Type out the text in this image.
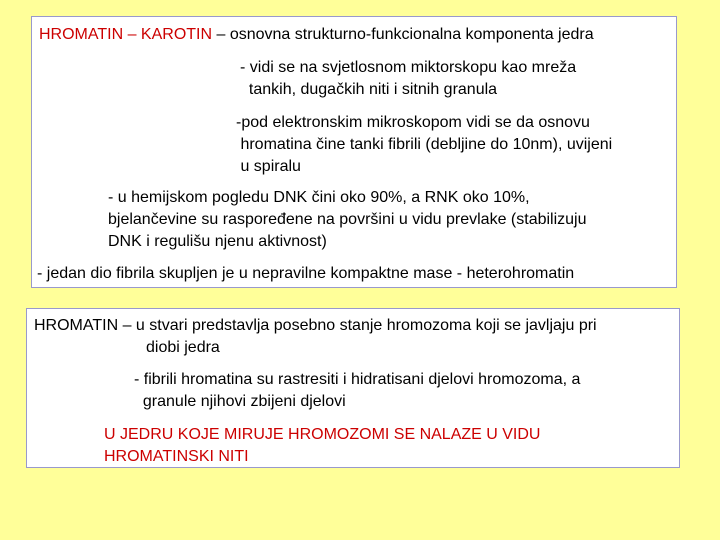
HROMATIN – KAROTIN – osnovna strukturno-funkcionalna komponenta jedra

- vidi se na svjetlosnom miktorskopu kao mreža

tankih, dugačkih niti i sitnih granula

-pod elektronskim mikroskopom vidi se da osnovu

hromatina čine tanki fibrili (debljine do 10nm), uvijeni

u spiralu

- u hemijskom pogledu DNK čini oko 90%, a RNK oko 10%,

bjelančevine su raspoređene na površini u vidu prevlake (stabilizuju

DNK i regulišu njenu aktivnost)

- jedan dio fibrila skupljen je u nepravilne kompaktne mase - heterohromatin

HROMATIN – u stvari predstavlja posebno stanje hromozoma koji se javljaju pri

diobi jedra

- fibrili hromatina su rastresiti i hidratisani djelovi hromozoma, a

granule njihovi zbijeni djelovi

U JEDRU KOJE MIRUJE HROMOZOMI SE NALAZE U VIDU

HROMATINSKI NITI
